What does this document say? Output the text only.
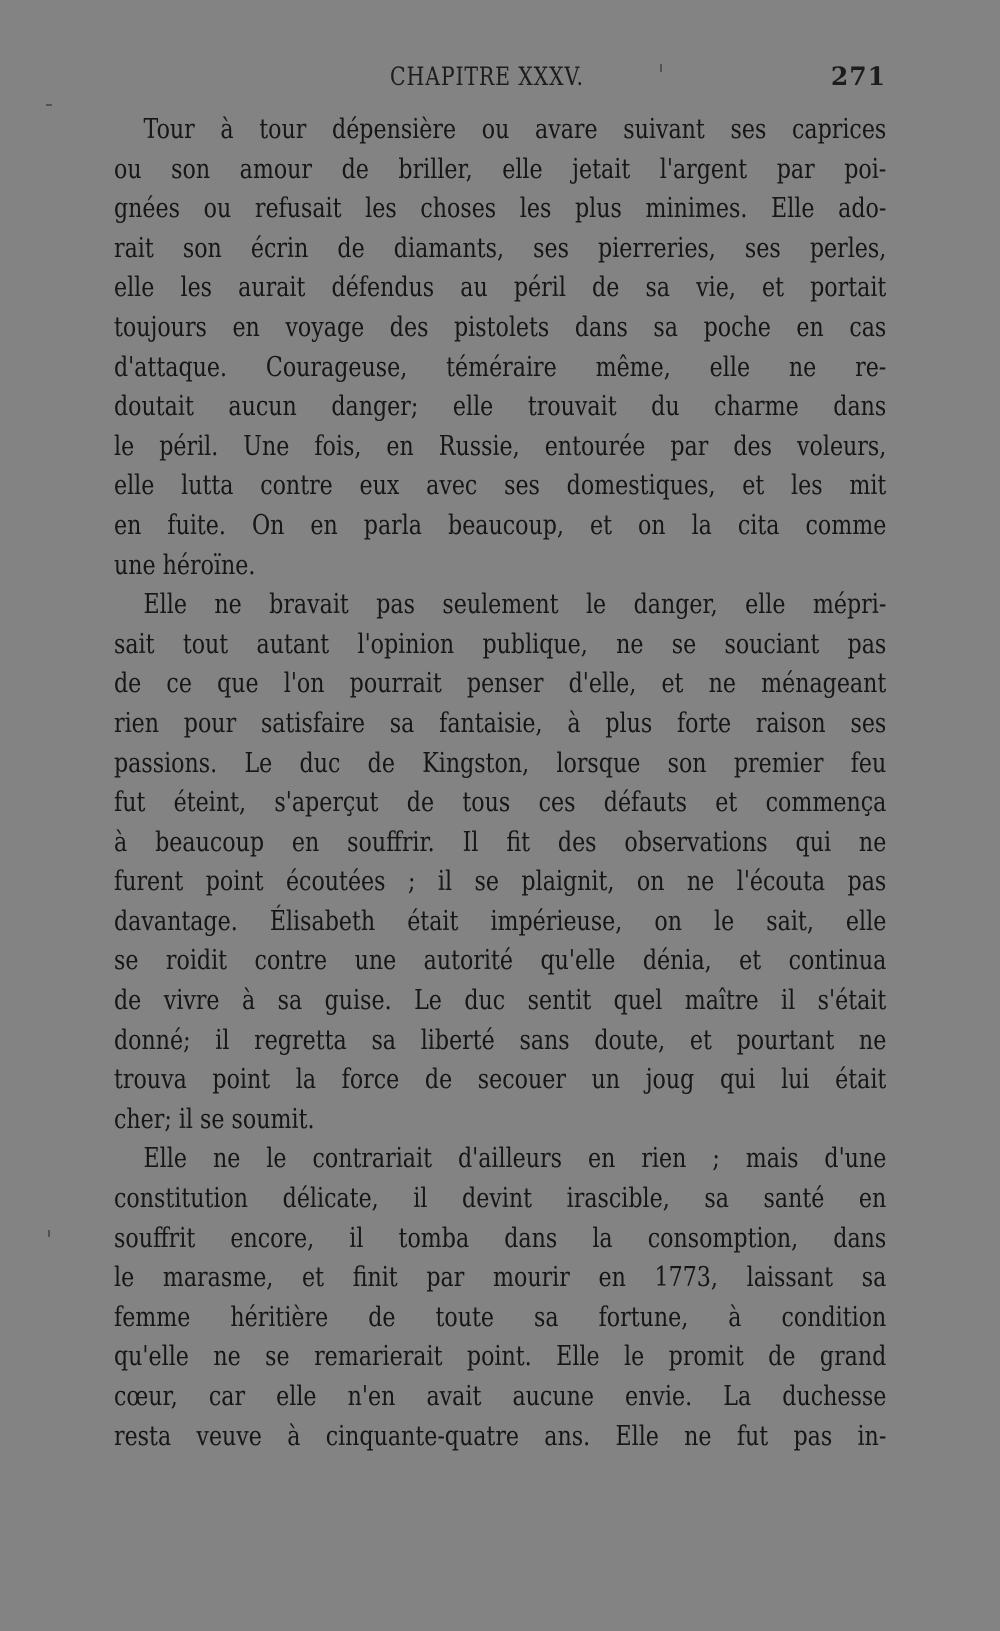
CHAPITRE XXXV.	271
Tour à tour dépensière ou avare suivant ses caprices
ou son amour de briller, elle jetait l'argent par poi-
gnées ou refusait les choses les plus minimes. Elle ado-
rait son écrin de diamants, ses pierreries, ses perles,
elle les aurait défendus au péril de sa vie, et portait
toujours en voyage des pistolets dans sa poche en cas
d'attaque. Courageuse, téméraire même, elle ne re-
doutait aucun danger; elle trouvait du charme dans
le péril. Une fois, en Russie, entourée par des voleurs,
elle lutta contre eux avec ses domestiques, et les mit
en fuite. On en parla beaucoup, et on la cita comme
une héroïne.
Elle ne bravait pas seulement le danger, elle mépri-
sait tout autant l'opinion publique, ne se souciant pas
de ce que l'on pourrait penser d'elle, et ne ménageant
rien pour satisfaire sa fantaisie, à plus forte raison ses
passions. Le duc de Kingston, lorsque son premier feu
fut éteint, s'aperçut de tous ces défauts et commença
à beaucoup en souffrir. Il fit des observations qui ne
furent point écoutées ; il se plaignit, on ne l'écouta pas
davantage. Élisabeth était impérieuse, on le sait, elle
se roidit contre une autorité qu'elle dénia, et continua
de vivre à sa guise. Le duc sentit quel maître il s'était
donné; il regretta sa liberté sans doute, et pourtant ne
trouva point la force de secouer un joug qui lui était
cher; il se soumit.
Elle ne le contrariait d'ailleurs en rien ; mais d'une
constitution délicate, il devint irascible, sa santé en
souffrit encore, il tomba dans la consomption, dans
le marasme, et finit par mourir en 1773, laissant sa
femme héritière de toute sa fortune, à condition
qu'elle ne se remarierait point. Elle le promit de grand
cœur, car elle n'en avait aucune envie. La duchesse
resta veuve à cinquante-quatre ans. Elle ne fut pas in-
